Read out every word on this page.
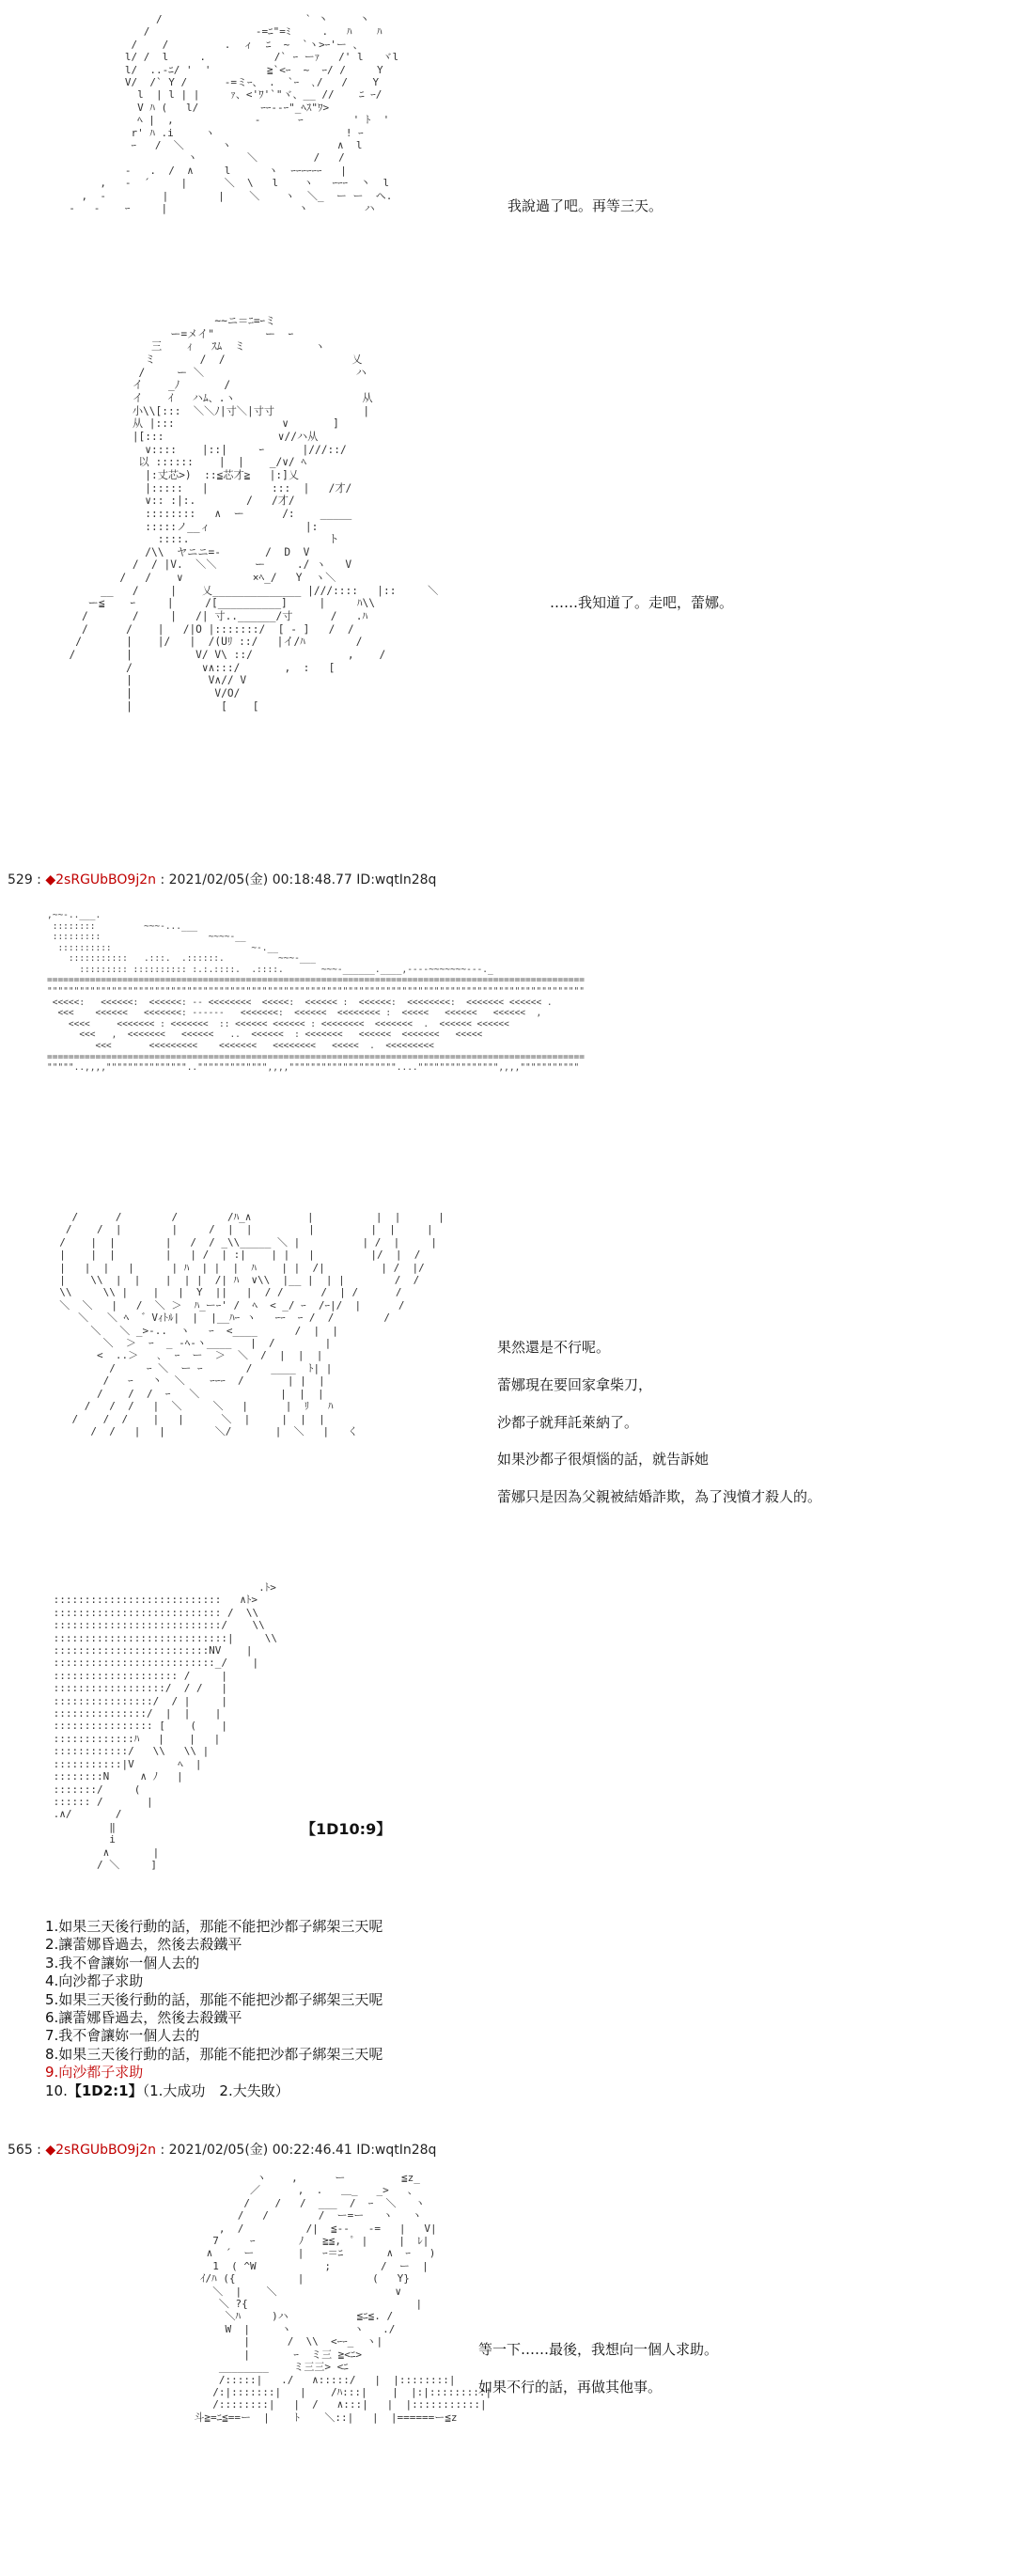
/                       ` 丶     丶
/                 -=ﾆ"=ﾐ     .   ﾊ    ﾊ
/    /         .  ィ  ﾆ  ~  `ヽ>ｰ'ー 、
l/ /  l     .           /` ｰ ーｧ   /' l   ヾl
l/  ..-ﾆ/ '  '         ≧`<ｰ  ~  ｰ/ /     Y
V/  /` Y /      -=ミｰ、 .  `ｰ  ､/   /    Y
l  | l | |     ｧ、<'ﾜ'`"ヾ、__ //    ﾆ ｰ/
V ﾊ (   l/          ｰｰ--ｰ"_ﾍｽ"ﾜ>
ﾍ |  ,             -      ｰ        ' ﾄ  '
r' ﾊ .i     ヽ                     ! ｰ
ｰ   /  ＼      ヽ                 ∧  l
ヽ        ＼         /   /
-   .  /  ∧     l      ヽ  ｰｰｰｰｰｰ   |
,   -  ´     |      ＼  \   l    ヽ   ｰｰｰ  丶  l
,  -         |        |    ＼    ヽ  ＼_  ー ー  ヘ.
-   -    ｰ     |                     ヽ         ハ	我說過了吧。再等三天。

~~ニ＝ﾆ=ｰミ
ー=メイ"        ー  ｰ
三    ｨ   ｽﾑ  ミ           ヽ
ミ       /  /                    乂
/     ー ＼                        ハ
イ    _ﾉ       /
イ    ｲ   ハﾑ、.ヽ                    从
小\\[:::  ＼＼ﾉ|寸＼|寸寸              |
从 |:::                 ∨       ]
|[:::                  ∨//ハ从
∨::::    |::|     ｰ      |///::/
以 ::::::    |  |    _/∨/ ﾍ
|:丈芯>)  ::≦芯才≧   |:]乂
|:::::   |          :::  |   /才/
∨:: :|:.        /   /才/
::::::::   ∧  ー      /:    _____
:::::ノ__ィ               |:
::::.                      ト
/\\  ヤニニ=-       /  D  V
/  / |V.  ＼＼      ー     ./ ヽ   V
/   /    ∨           ×ﾍ_/   Y  ヽ＼
__   /     |    乂______________ |///::::   |::     ＼
ー≦    ｰ     |     /[__________]     |     ﾊ\\
/       /     |   /| 寸..______/寸      /   .ﾊ
/      /    |   /|O |:::::::/  [ - ]   /  /
/       |    |/   |  /(Uﾘ ::/   |イ/ﾊ        /
/        |          V/ V\ ::/               ,    /
/           ∨∧:::/       ,  :   [
|            V∧// V
|             V/O/
|              [    [

……我知道了。走吧，蕾娜。

529 : ◆2sRGUbBO9j2n : 2021/02/05(金) 00:18:48.77 ID:wqtIn28q
,~~-..___.
::::::::         ~~~-...___
:::::::::                    ~~~~-__
::::::::::                          ~-.__
:::::::::::   .:::.  .::::::.          ~~~-___
::::::::: :::::::::: :.:.::::.  .::::.       ~~~-______.____,----~~~~~~~---._
====================================================================================================
""""""""""""""""""""""""""""""""""""""""""""""""""""""""""""""""""""""""""""""""""""""""""""""""""""
<<<<<:   <<<<<<:  <<<<<<: -- <<<<<<<<  <<<<<:  <<<<<< :  <<<<<<:  <<<<<<<<:  <<<<<<< <<<<<< .
<<<    <<<<<<   <<<<<<<: ------   <<<<<<<:  <<<<<<  <<<<<<<< :  <<<<<   <<<<<<   <<<<<<  ,
<<<<     <<<<<<< : <<<<<<<  :: <<<<<< <<<<<< : <<<<<<<<  <<<<<<<  .  <<<<<< <<<<<<
<<<   ,  <<<<<<<   <<<<<<   ..  <<<<<<  : <<<<<<<   <<<<<<  <<<<<<<   <<<<<
<<<       <<<<<<<<<    <<<<<<<   <<<<<<<<   <<<<<  .  <<<<<<<<<
====================================================================================================
"""""..,,,,"""""""""""""""..""""""""""""",,,,""""""""""""""""""""....""""""""""""""",,,,"""""""""""

/      /        /        /ﾊ_∧         |          |  |      |
/    /  |        |     /  |  |         |         |  |     |
/    |  |        |   /  / _\\_____ ＼ |          | /  |     |
|    |  |        |   | /  | :|    | |   |         |/  |  /
|   |  |   |      | ﾊ  | |  |  ﾊ    | |  /|         | /  |/
|    \\  |  |    |  | |  /| ﾊ  ∨\\  |__ |  | |        /  /
\\     \\ |    |   |  Y  ||   |  / /      /  | /      /
＼  ＼   |   /  ＼ ＞  ﾊ_ーｰ' /  ﾍ  < _/ ｰ  /ｰ|/  |      /
＼   ＼ ﾍ  ゛Vｨﾄﾙ|  |  |__ﾊｰ ヽ   ｰｰ  ｰ /  /        /
＼   ＼ _>-..  ヽ   ｰ  <____      /  |  |
＼  ＞  ｰ  _ -ﾍ-ヽ____   |  /        |
<  ..＞   ､  ｰ  ー  ＞  ＼  /  |  |  |
/     ｰ ＼  ー ｰ       /   ____  ﾄ| |
/   ｰ   丶  ＼    ｰｰｰ  /       | |  |
/    /  /  ｰ   ＼             |  |  |
/   /  /   |  ＼     ＼   |      |  ﾘ   ﾊ
/    /  /    |   |      ＼  |     |  |  |
/  /   |   |        ＼/       |  ＼   |   く

果然還是不行呢。

蕾娜現在要回家拿柴刀，

沙都子就拜託萊納了。

如果沙都子很煩惱的話，就告訴她

蕾娜只是因為父親被結婚詐欺，為了洩憤才殺人的。

.ﾄ>
:::::::::::::::::::::::::::   ∧ﾄ>
::::::::::::::::::::::::::: /  \\
:::::::::::::::::::::::::::/    \\
::::::::::::::::::::::::::::|     \\
:::::::::::::::::::::::::NV    |
::::::::::::::::::::::::::_/    |
:::::::::::::::::::: /     |
::::::::::::::::::/  / /   |
::::::::::::::::/  / |     |
:::::::::::::::/  |  |    |
:::::::::::::::: [    (    |
:::::::::::::ﾊ   |    |   |
::::::::::::/   \\   \\ |
:::::::::::|V       ﾍ  |
::::::::N     ∧ ﾉ   |
:::::::/     (
:::::: /       |
.∧/       /
‖
i
∧       |
/ ＼     ]

【1D10:9】
1.如果三天後行動的話，那能不能把沙都子綁架三天呢
2.讓蕾娜昏過去，然後去殺鐵平
3.我不會讓妳一個人去的
4.向沙都子求助
5.如果三天後行動的話，那能不能把沙都子綁架三天呢
6.讓蕾娜昏過去，然後去殺鐵平
7.我不會讓妳一個人去的
8.如果三天後行動的話，那能不能把沙都子綁架三天呢
9.向沙都子求助
10.【1D2:1】（1.大成功　2.大失敗）
565 : ◆2sRGUbBO9j2n : 2021/02/05(金) 00:22:46.41 ID:wqtIn28q
ヽ    ,      ー         ≦z_
／      ,  .   ＿_   _>   、
/    /   /  ___  /  ｰ  ＼   ヽ
/   /        /  ー=ー   ヽ   ヽ
,  /          /|  ≦--   -=   |   V|
7     ｰ       ﾉ   ≧≦,  ﾟ |     |  ﾚ|
∧  ´  ー       |   ｰ＝ﾆ       ∧  ｰ   )
1  ( ^W           ;        /  ー  |
ｲ/ﾊ ({          |           (   Y}
＼  |    ＼                   ∨
＼ ?{                           |
＼ﾊ     )ハ           ≦ﾆ≦. /
W  |     ヽ          ヽ   ./
|      /  \\  <ｰｰ_  ヽ|
|       ｰ  ミ三 ≧<ﾆ>
________    ミ三三> <ﾆ
/:::::|   ./   ∧:::::/   |  |::::::::|
/:|:::::::|   |    /ﾊ:::|    |  |:|:::::::::|
/::::::::|   |  /   ∧:::|   |  |:::::::::::|
斗≧=ﾆ≦==ー  |    ﾄ    ＼::|   |  |======ー≦z

等一下……最後，我想向一個人求助。

如果不行的話，再做其他事。
